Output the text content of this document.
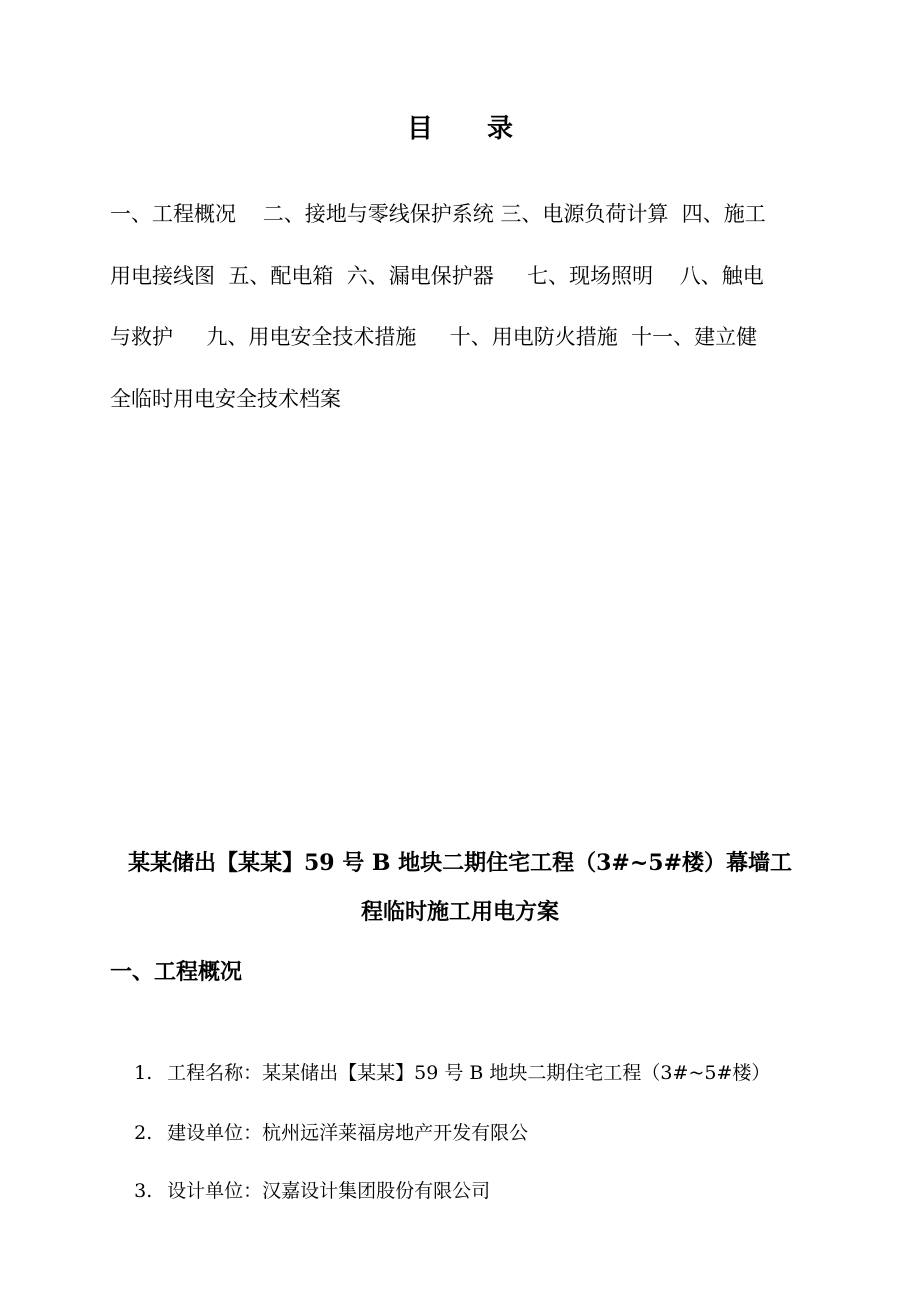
目 录
一、工程概况    二、接地与零线保护系统 三、电源负荷计算  四、施工
用电接线图  五、配电箱  六、漏电保护器     七、现场照明    八、触电
与救护     九、用电安全技术措施     十、用电防火措施  十一、建立健
全临时用电安全技术档案
某某储出【某某】59 号 B 地块二期住宅工程（3#~5#楼）幕墙工
程临时施工用电方案
一、工程概况

1. 工程名称：某某储出【某某】59 号 B 地块二期住宅工程（3#~5#楼）

2. 建设单位：杭州远洋莱福房地产开发有限公

3. 设计单位：汉嘉设计集团股份有限公司
